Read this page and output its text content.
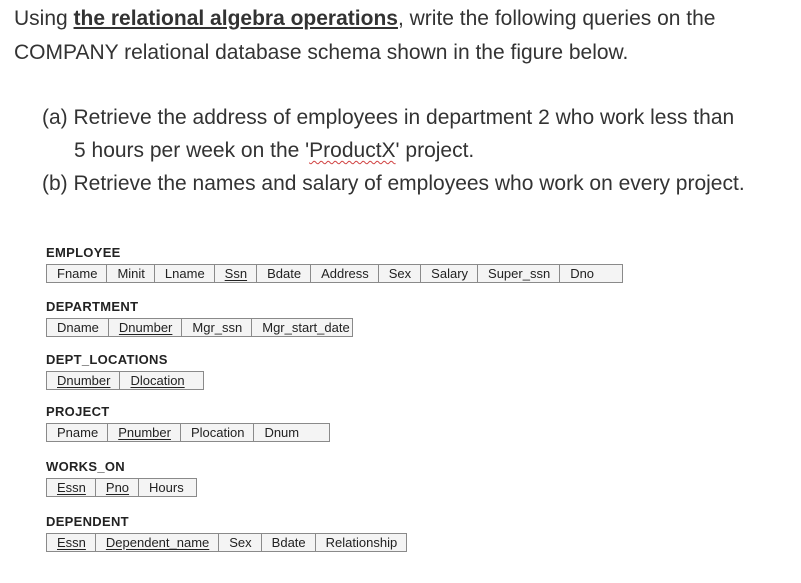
Using the relational algebra operations, write the following queries on the
COMPANY relational database schema shown in the figure below.
(a) Retrieve the address of employees in department 2 who work less than
5 hours per week on the 'ProductX' project.
(b) Retrieve the names and salary of employees who work on every project.
EMPLOYEE
Fname	Minit	Lname	Ssn	Bdate	Address	Sex	Salary	Super_ssn	Dno
DEPARTMENT
Dname	Dnumber	Mgr_ssn	Mgr_start_date
DEPT_LOCATIONS
Dnumber	Dlocation
PROJECT
Pname	Pnumber	Plocation	Dnum
WORKS_ON
Essn	Pno	Hours
DEPENDENT
Essn	Dependent_name	Sex	Bdate	Relationship
